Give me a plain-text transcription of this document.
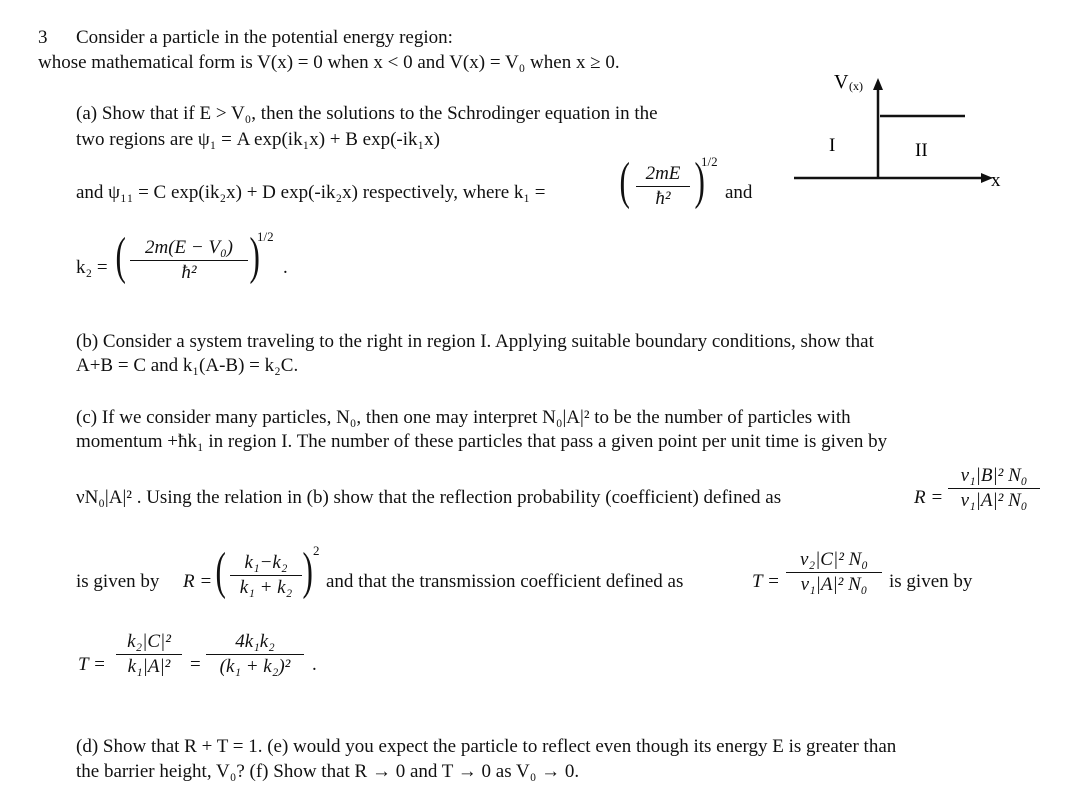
3 Consider a particle in the potential energy region:
whose mathematical form is V(x) = 0 when x < 0 and V(x) = V₀ when x ≥ 0.
V (x)
I	II
x
(a) Show that if E > V₀, then the solutions to the Schrodinger equation in the
two regions are ψ₁ = A exp(ik₁x) + B exp(-ik₁x)
and ψ₁₁ = C exp(ik₂x) + D exp(-ik₂x) respectively, where k₁ = ( 2mE
ħ² )
1/2
and
k₂ = (	2m(E − V₀)
ħ²	)
1/2
.
(b) Consider a system traveling to the right in region I. Applying suitable boundary conditions, show that
A+B = C and k₁(A-B) = k₂C.
(c) If we consider many particles, N₀, then one may interpret N₀|A|² to be the number of particles with
momentum +ħk₁ in region I. The number of these particles that pass a given point per unit time is given by
νN₀|A|² . Using the relation in (b) show that the reflection probability (coefficient) defined as	R =
ν₁|B|² N₀
ν₁|A|² N₀
is given by R = ( k₁−k₂
k₁ + k₂ ) 2
and that the transmission coefficient defined as	T =
ν₂|C|² N₀
ν₁|A|² N₀	is given by
T =
k₂|C|²
k₁|A|²	=
4k₁k₂
(k₁ + k₂)²	.
(d) Show that R + T = 1. (e) would you expect the particle to reflect even though its energy E is greater than
the barrier height, V₀? (f) Show that R → 0 and T → 0 as V₀ → 0.
